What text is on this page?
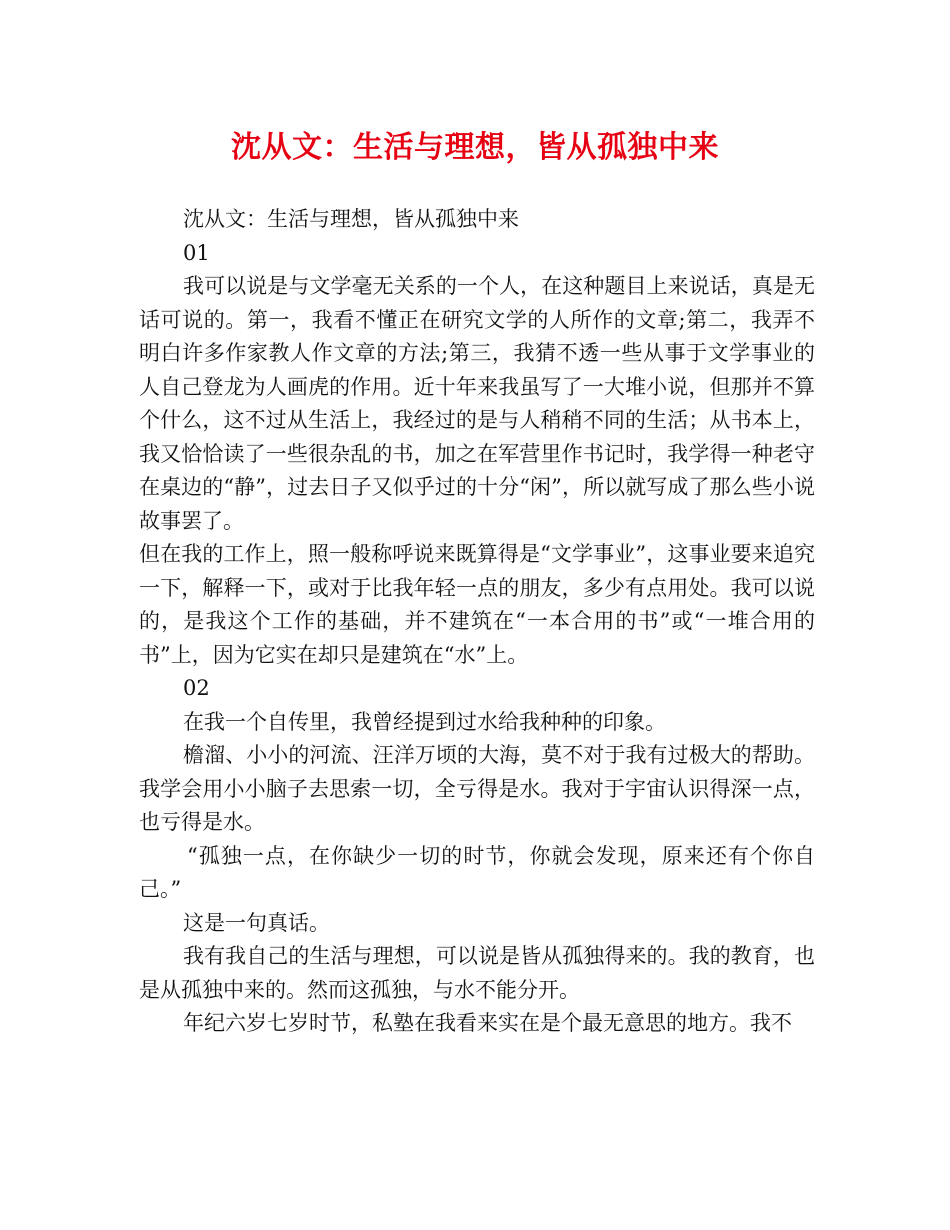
沈从文：生活与理想，皆从孤独中来

沈从文：生活与理想，皆从孤独中来

01

我可以说是与文学毫无关系的一个人，在这种题目上来说话，真是无话可说的。第一，我看不懂正在研究文学的人所作的文章;第二，我弄不明白许多作家教人作文章的方法;第三，我猜不透一些从事于文学事业的人自己登龙为人画虎的作用。近十年来我虽写了一大堆小说，但那并不算个什么，这不过从生活上，我经过的是与人稍稍不同的生活；从书本上，我又恰恰读了一些很杂乱的书，加之在军营里作书记时，我学得一种老守在桌边的“静”，过去日子又似乎过的十分“闲”，所以就写成了那么些小说故事罢了。

但在我的工作上，照一般称呼说来既算得是“文学事业”，这事业要来追究一下，解释一下，或对于比我年轻一点的朋友，多少有点用处。我可以说的，是我这个工作的基础，并不建筑在“一本合用的书”或“一堆合用的书”上，因为它实在却只是建筑在“水”上。

02

在我一个自传里，我曾经提到过水给我种种的印象。

檐溜、小小的河流、汪洋万顷的大海，莫不对于我有过极大的帮助。我学会用小小脑子去思索一切，全亏得是水。我对于宇宙认识得深一点，也亏得是水。

“孤独一点，在你缺少一切的时节，你就会发现，原来还有个你自己。”

这是一句真话。

我有我自己的生活与理想，可以说是皆从孤独得来的。我的教育，也是从孤独中来的。然而这孤独，与水不能分开。

年纪六岁七岁时节，私塾在我看来实在是个最无意思的地方。我不
